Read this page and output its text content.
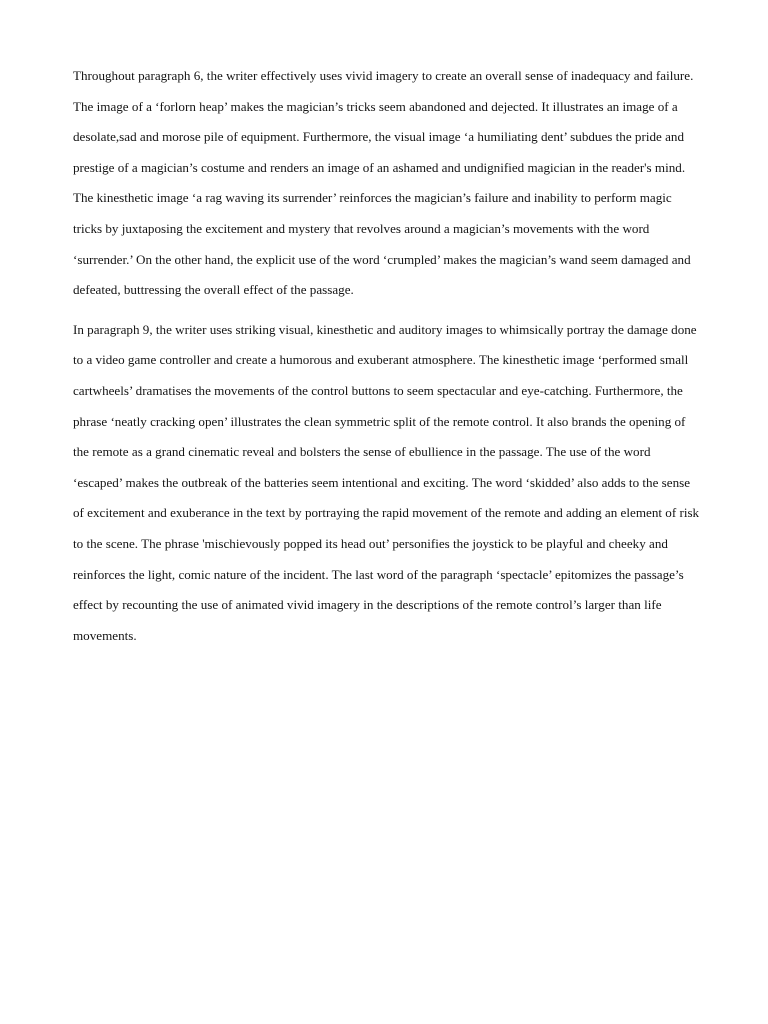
Throughout paragraph 6, the writer effectively uses vivid imagery to create an overall sense of inadequacy and failure. The image of a ‘forlorn heap’ makes the magician’s tricks seem abandoned and dejected. It illustrates an image of a desolate,sad and morose pile of equipment. Furthermore, the visual image ‘a humiliating dent’ subdues the pride and prestige of a magician’s costume and renders an image of an ashamed and undignified magician in the reader's mind. The kinesthetic image ‘a rag waving its surrender’ reinforces the magician’s failure and inability to perform magic tricks by juxtaposing the excitement and mystery that revolves around a magician’s movements with the word ‘surrender.’ On the other hand, the explicit use of the word ‘crumpled’ makes the magician’s wand seem damaged and defeated, buttressing the overall effect of the passage.

In paragraph 9, the writer uses striking visual, kinesthetic and auditory images to whimsically portray the damage done to a video game controller and create a humorous and exuberant atmosphere. The kinesthetic image ‘performed small cartwheels’ dramatises the movements of the control buttons to seem spectacular and eye-catching. Furthermore, the phrase ‘neatly cracking open’ illustrates the clean symmetric split of the remote control. It also brands the opening of the remote as a grand cinematic reveal and bolsters the sense of ebullience in the passage. The use of the word ‘escaped’ makes the outbreak of the batteries seem intentional and exciting. The word ‘skidded’ also adds to the sense of excitement and exuberance in the text by portraying the rapid movement of the remote and adding an element of risk to the scene. The phrase 'mischievously popped its head out’ personifies the joystick to be playful and cheeky and reinforces the light, comic nature of the incident. The last word of the paragraph ‘spectacle’ epitomizes the passage’s effect by recounting the use of animated vivid imagery in the descriptions of the remote control’s larger than life movements.
